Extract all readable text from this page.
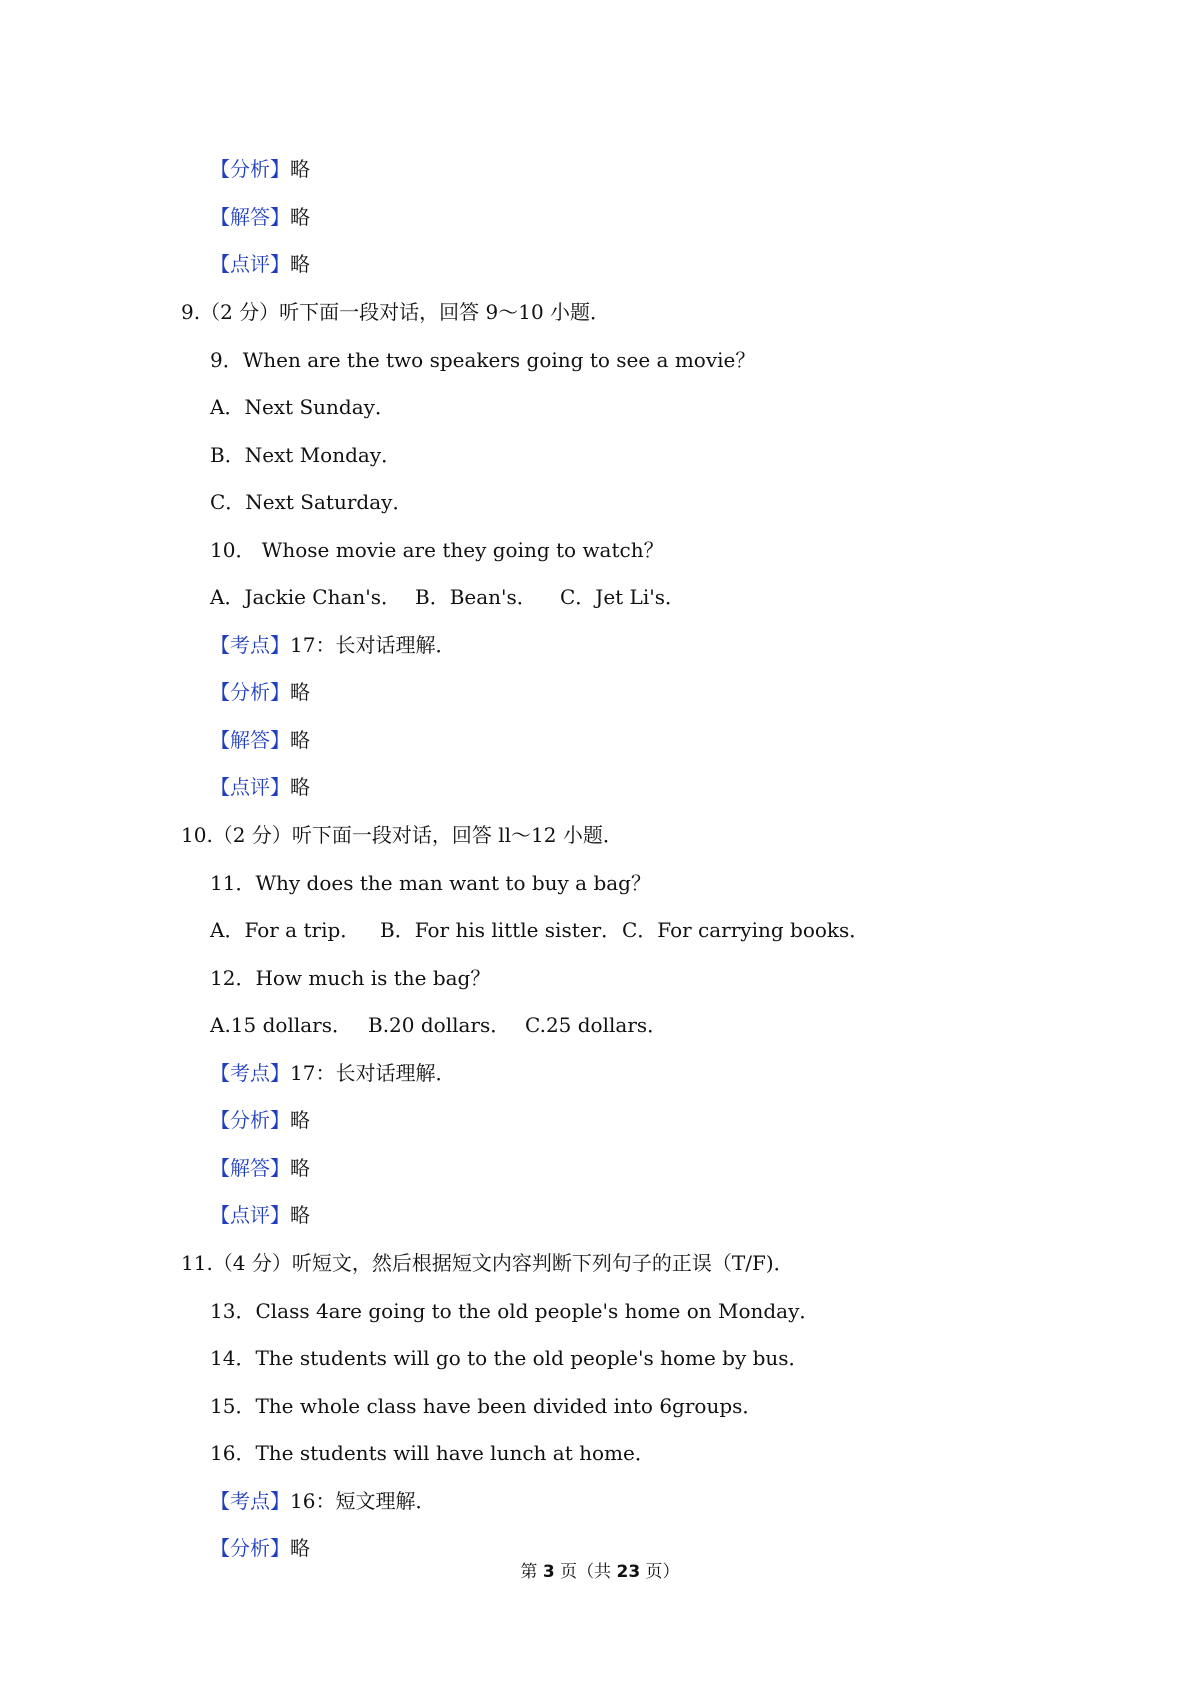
【分析】略
【解答】略
【点评】略
9.（2 分）听下面一段对话，回答 9～10 小题．
9．When are the two speakers going to see a movie？
A．Next Sunday．
B．Next Monday．
C．Next Saturday．
10． Whose movie are they going to watch？
A．Jackie Chan's． B．Bean's． C．Jet Li's．
【考点】17：长对话理解．
【分析】略
【解答】略
【点评】略
10.（2 分）听下面一段对话，回答 ll～12 小题．
11．Why does the man want to buy a bag？
A．For a trip． B．For his little sister．C．For carrying books．
12．How much is the bag？
A.15 dollars． B.20 dollars． C.25 dollars．
【考点】17：长对话理解．
【分析】略
【解答】略
【点评】略
11.（4 分）听短文，然后根据短文内容判断下列句子的正误（T/F)．
13．Class 4are going to the old people's home on Monday．
14．The students will go to the old people's home by bus．
15．The whole class have been divided into 6groups．
16．The students will have lunch at home．
【考点】16：短文理解．
【分析】略
第 3 页（共 23 页）
